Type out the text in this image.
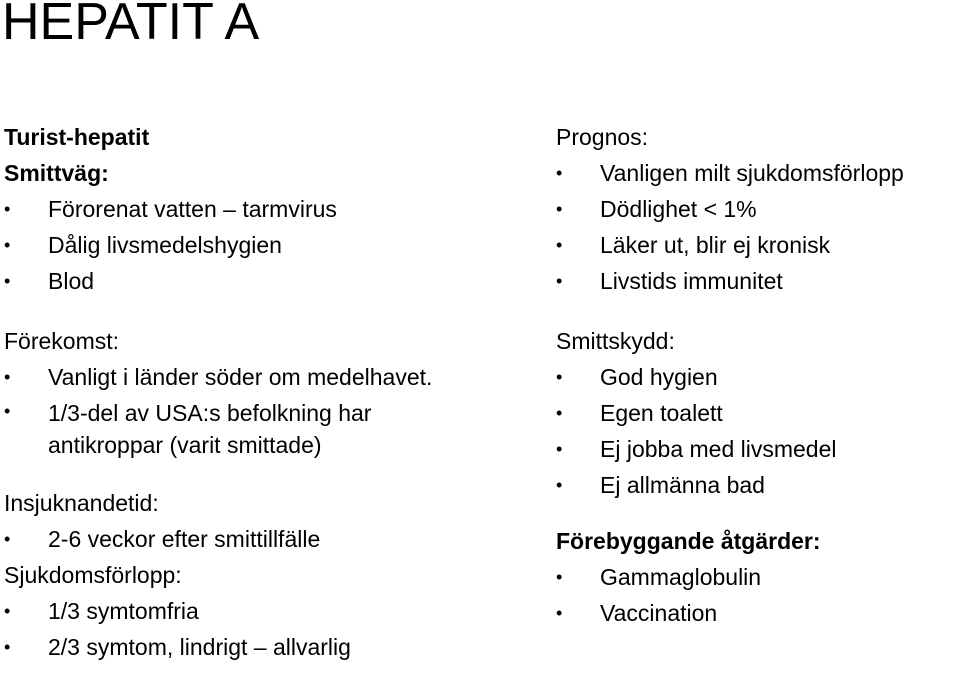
HEPATIT A
Turist-hepatit
Smittväg:
• Förorenat vatten – tarmvirus
• Dålig livsmedelshygien
• Blod
Förekomst:
• Vanligt i länder söder om medelhavet.
• 1/3-del av USA:s befolkning har antikroppar (varit smittade)
Insjuknandetid:
• 2-6 veckor efter smittillfälle
Sjukdomsförlopp:
• 1/3 symtomfria
• 2/3 symtom, lindrigt – allvarlig
Prognos:
• Vanligen milt sjukdomsförlopp
• Dödlighet < 1%
• Läker ut, blir ej kronisk
• Livstids immunitet
Smittskydd:
• God hygien
• Egen toalett
• Ej jobba med livsmedel
• Ej allmänna bad
Förebyggande åtgärder:
• Gammaglobulin
• Vaccination
